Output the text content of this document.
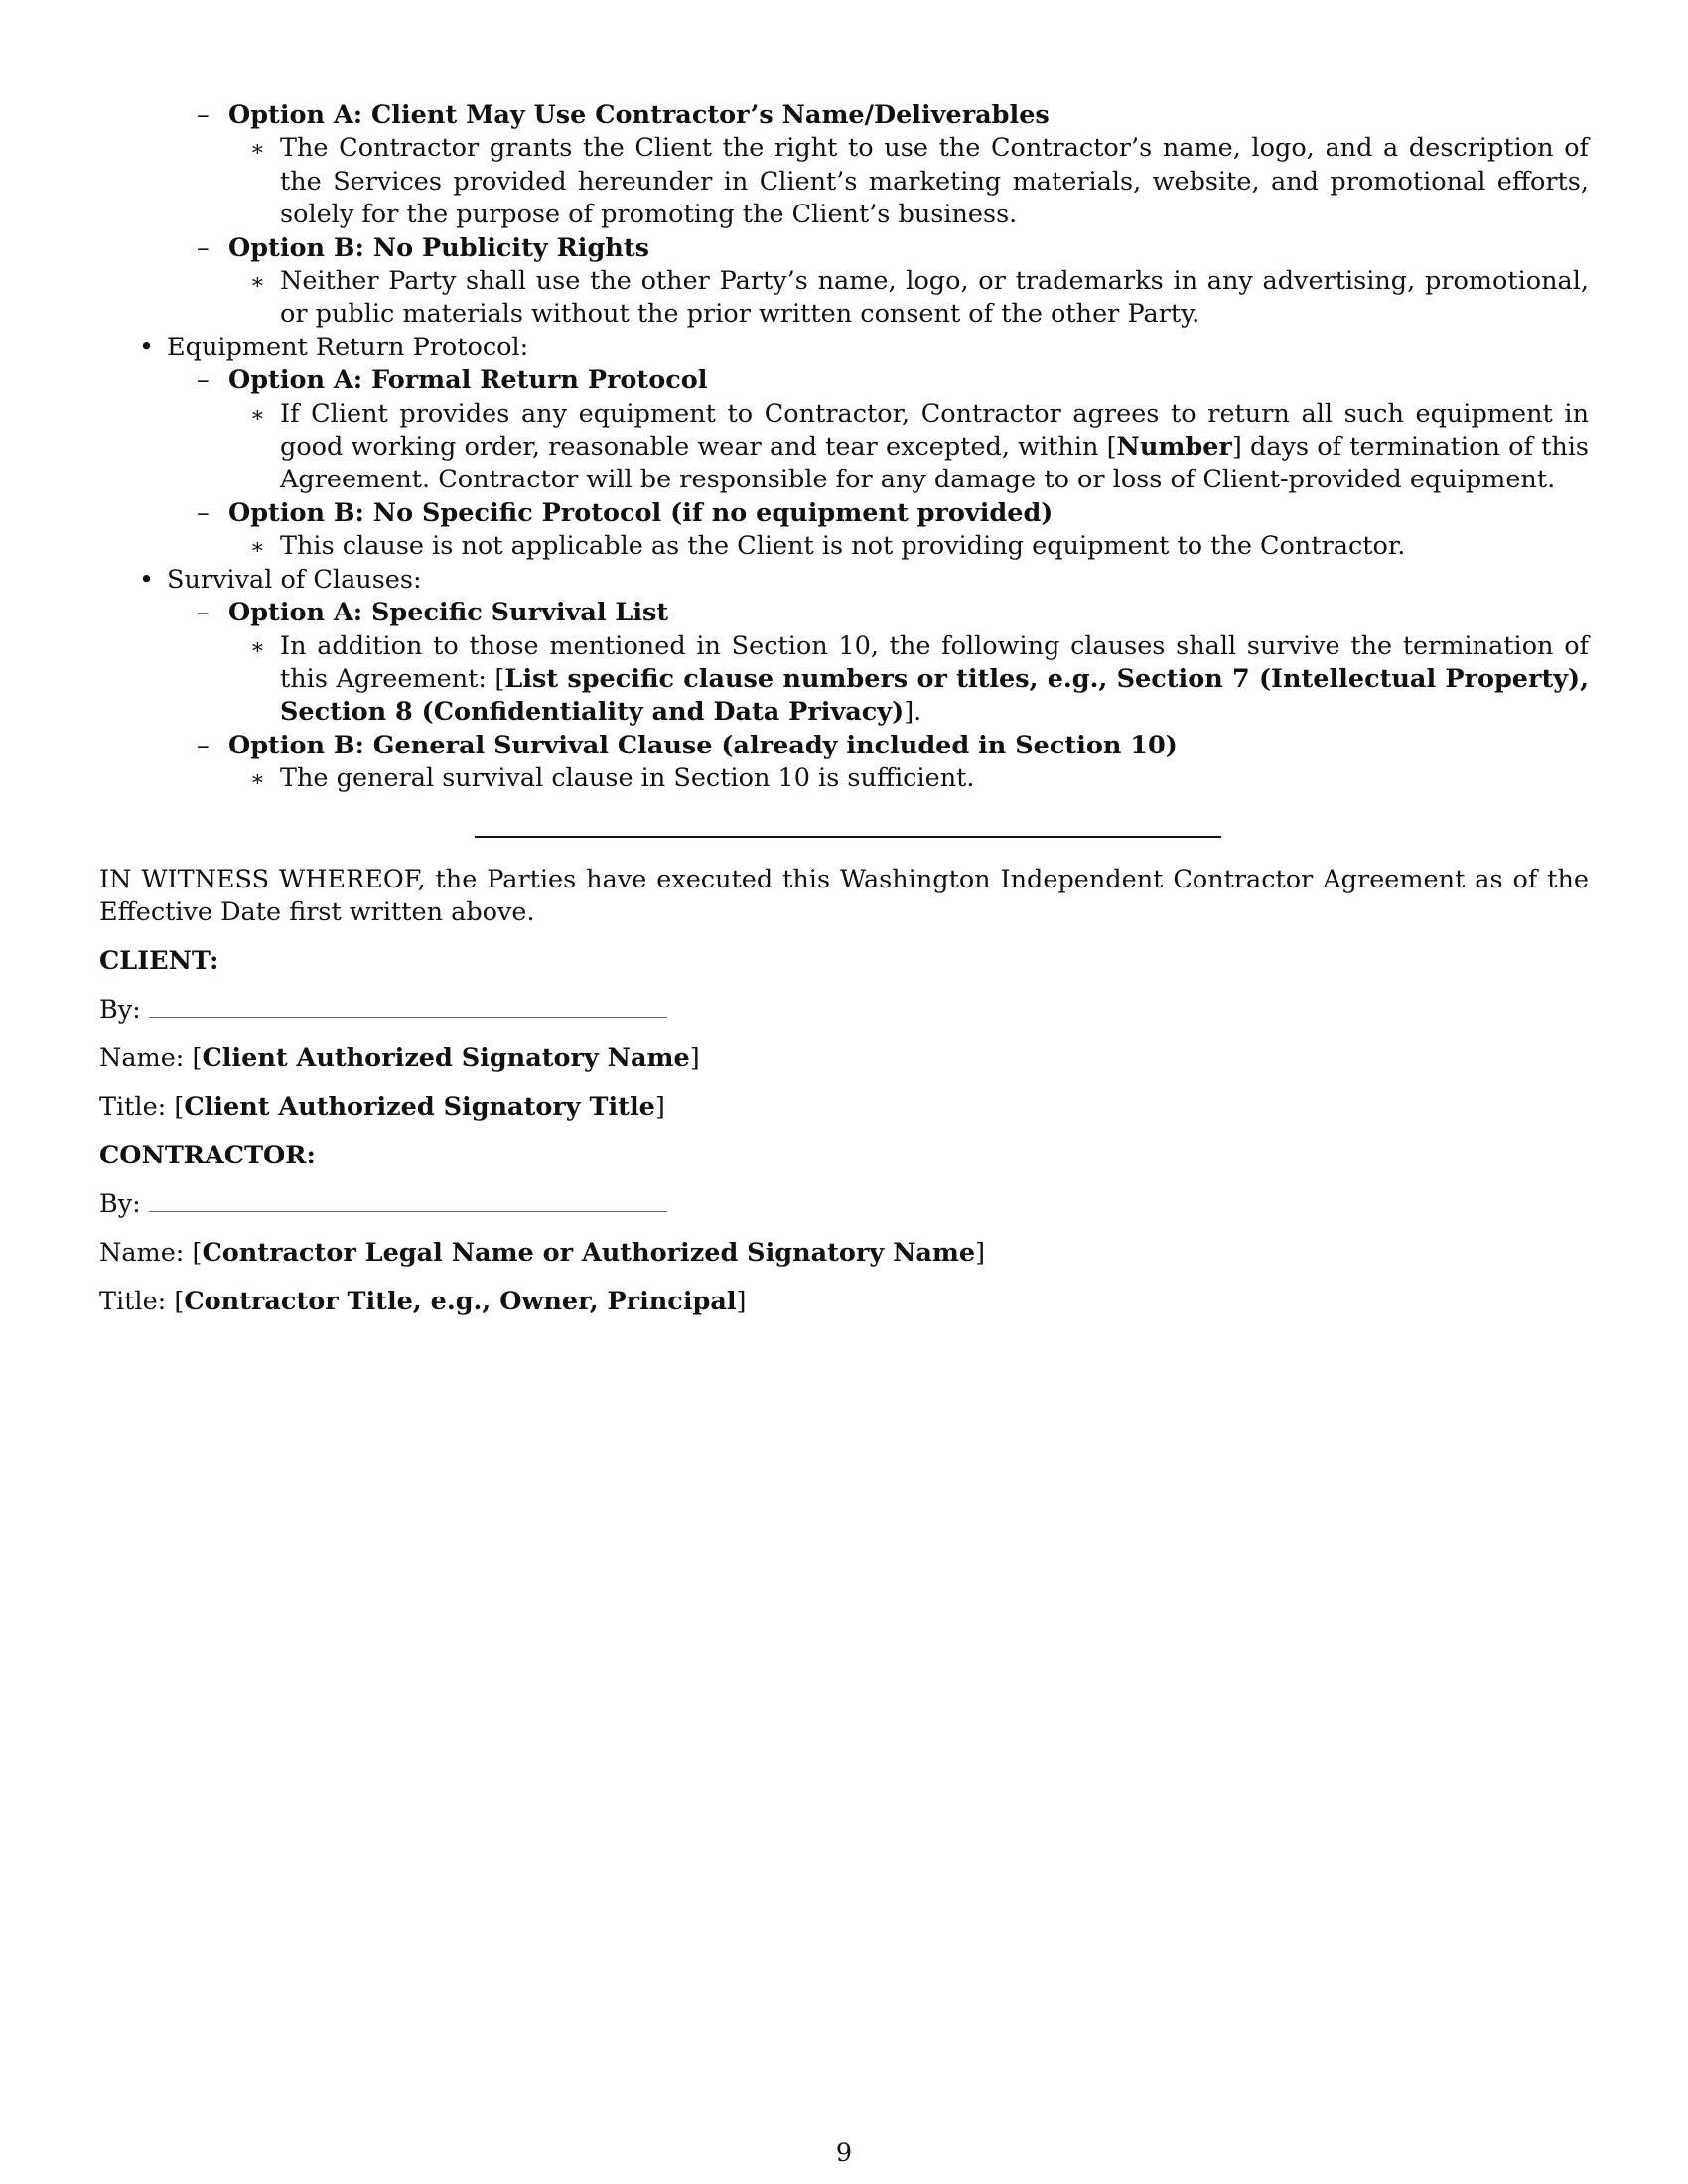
– Option A: Client May Use Contractor’s Name/Deliverables
∗ The Contractor grants the Client the right to use the Contractor’s name, logo, and a description of the Services provided hereunder in Client’s marketing materials, website, and promotional efforts, solely for the purpose of promoting the Client’s business.
– Option B: No Publicity Rights
∗ Neither Party shall use the other Party’s name, logo, or trademarks in any advertising, promotional, or public materials without the prior written consent of the other Party.
• Equipment Return Protocol:
– Option A: Formal Return Protocol
∗ If Client provides any equipment to Contractor, Contractor agrees to return all such equipment in good working order, reasonable wear and tear excepted, within [Number] days of termination of this Agreement. Contractor will be responsible for any damage to or loss of Client-provided equipment.
– Option B: No Specific Protocol (if no equipment provided)
∗ This clause is not applicable as the Client is not providing equipment to the Contractor.
• Survival of Clauses:
– Option A: Specific Survival List
∗ In addition to those mentioned in Section 10, the following clauses shall survive the termination of this Agreement: [List specific clause numbers or titles, e.g., Section 7 (Intellectual Property), Section 8 (Confidentiality and Data Privacy)].
– Option B: General Survival Clause (already included in Section 10)
∗ The general survival clause in Section 10 is sufficient.
IN WITNESS WHEREOF, the Parties have executed this Washington Independent Contractor Agreement as of the Effective Date first written above.
CLIENT:
By:
Name: [Client Authorized Signatory Name]
Title: [Client Authorized Signatory Title]
CONTRACTOR:
By:
Name: [Contractor Legal Name or Authorized Signatory Name]
Title: [Contractor Title, e.g., Owner, Principal]
9
